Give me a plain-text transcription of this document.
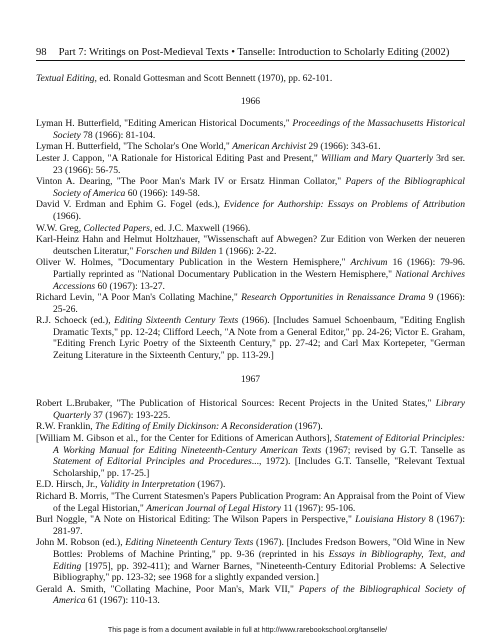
98 Part 7: Writings on Post-Medieval Texts • Tanselle: Introduction to Scholarly Editing (2002)

Textual Editing, ed. Ronald Gottesman and Scott Bennett (1970), pp. 62-101.

1966

Lyman H. Butterfield, "Editing American Historical Documents," Proceedings of the Massachusetts Historical Society 78 (1966): 81-104.

Lyman H. Butterfield, "The Scholar's One World," American Archivist 29 (1966): 343-61.

Lester J. Cappon, "A Rationale for Historical Editing Past and Present," William and Mary Quarterly 3rd ser. 23 (1966): 56-75.

Vinton A. Dearing, "The Poor Man's Mark IV or Ersatz Hinman Collator," Papers of the Bibliographical Society of America 60 (1966): 149-58.

David V. Erdman and Ephim G. Fogel (eds.), Evidence for Authorship: Essays on Problems of Attribution (1966).

W.W. Greg, Collected Papers, ed. J.C. Maxwell (1966).

Karl-Heinz Hahn and Helmut Holtzhauer, "Wissenschaft auf Abwegen? Zur Edition von Werken der neueren deutschen Literatur," Forschen und Bilden 1 (1966): 2-22.

Oliver W. Holmes, "Documentary Publication in the Western Hemisphere," Archivum 16 (1966): 79-96. Partially reprinted as "National Documentary Publication in the Western Hemisphere," National Archives Accessions 60 (1967): 13-27.

Richard Levin, "A Poor Man's Collating Machine," Research Opportunities in Renaissance Drama 9 (1966): 25-26.

R.J. Schoeck (ed.), Editing Sixteenth Century Texts (1966). [Includes Samuel Schoenbaum, "Editing English Dramatic Texts," pp. 12-24; Clifford Leech, "A Note from a General Editor," pp. 24-26; Victor E. Graham, "Editing French Lyric Poetry of the Sixteenth Century," pp. 27-42; and Carl Max Kortepeter, "German Zeitung Literature in the Sixteenth Century," pp. 113-29.]

1967

Robert L.Brubaker, "The Publication of Historical Sources: Recent Projects in the United States," Library Quarterly 37 (1967): 193-225.

R.W. Franklin, The Editing of Emily Dickinson: A Reconsideration (1967).

[William M. Gibson et al., for the Center for Editions of American Authors], Statement of Editorial Principles: A Working Manual for Editing Nineteenth-Century American Texts (1967; revised by G.T. Tanselle as Statement of Editorial Principles and Procedures..., 1972). [Includes G.T. Tanselle, "Relevant Textual Scholarship," pp. 17-25.]

E.D. Hirsch, Jr., Validity in Interpretation (1967).

Richard B. Morris, "The Current Statesmen's Papers Publication Program: An Appraisal from the Point of View of the Legal Historian," American Journal of Legal History 11 (1967): 95-106.

Burl Noggle, "A Note on Historical Editing: The Wilson Papers in Perspective," Louisiana History 8 (1967): 281-97.

John M. Robson (ed.), Editing Nineteenth Century Texts (1967). [Includes Fredson Bowers, "Old Wine in New Bottles: Problems of Machine Printing," pp. 9-36 (reprinted in his Essays in Bibliography, Text, and Editing [1975], pp. 392-411); and Warner Barnes, "Nineteenth-Century Editorial Problems: A Selective Bibliography," pp. 123-32; see 1968 for a slightly expanded version.]

Gerald A. Smith, "Collating Machine, Poor Man's, Mark VII," Papers of the Bibliographical Society of America 61 (1967): 110-13.

This page is from a document available in full at http://www.rarebookschool.org/tanselle/
